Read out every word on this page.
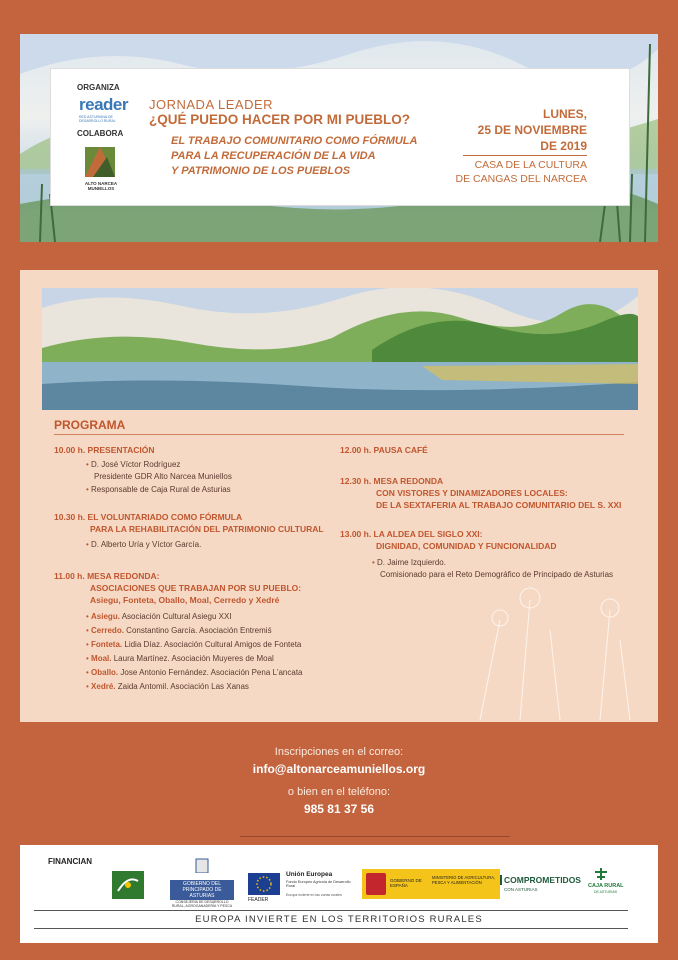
ORGANIZA
reader
RED ASTURIANA DE DESARROLLO RURAL
COLABORA
ALTO NARCEA MUNIELLOS
JORNADA LEADER
¿QUÉ PUEDO HACER POR MI PUEBLO?
EL TRABAJO COMUNITARIO COMO FÓRMULA
PARA LA RECUPERACIÓN DE LA VIDA
Y PATRIMONIO DE LOS PUEBLOS
LUNES,
25 DE NOVIEMBRE
DE 2019
CASA DE LA CULTURA
DE CANGAS DEL NARCEA
PROGRAMA
10.00 h. PRESENTACIÓN
• D. José Víctor Rodríguez
Presidente GDR Alto Narcea Muniellos
• Responsable de Caja Rural de Asturias
10.30 h. EL VOLUNTARIADO COMO FÓRMULA
PARA LA REHABILITACIÓN DEL PATRIMONIO CULTURAL
• D. Alberto Uría y Víctor García.
11.00 h. MESA REDONDA:
ASOCIACIONES QUE TRABAJAN POR SU PUEBLO:
Asiegu, Fonteta, Oballo, Moal, Cerredo y Xedré
• Asiegu. Asociación Cultural Asiegu XXI
• Cerredo. Constantino García. Asociación Entremiś
• Fonteta. Lidia Díaz. Asociación Cultural Amigos de Fonteta
• Moal. Laura Martínez. Asociación Muyeres de Moal
• Oballo. Jose Antonio Fernández. Asociación Pena L'ancata
• Xedré. Zaida Antomil. Asociación Las Xanas
12.00 h. PAUSA CAFÉ
12.30 h. MESA REDONDA
CON VISTORES Y DINAMIZADORES LOCALES:
DE LA SEXTAFERIA AL TRABAJO COMUNITARIO DEL S. XXI
13.00 h. LA ALDEA DEL SIGLO XXI:
DIGNIDAD, COMUNIDAD Y FUNCIONALIDAD
• D. Jaime Izquierdo.
Comisionado para el Reto Demográfico de Principado de Asturias
Inscripciones en el correo:
info@altonarceamuniellos.org
o bien en el teléfono:
985 81 37 56
FINANCIAN
GOBIERNO DEL PRINCIPADO DE ASTURIAS
CONSEJERÍA DE DESARROLLO RURAL, AGROGANADERÍA Y PESCA
FEADER
Unión Europea
Fondo Europeo Agrícola de Desarrollo Rural
Europa invierte en las zonas rurales
GOBIERNO DE ESPAÑA
MINISTERIO DE AGRICULTURA, PESCA Y ALIMENTACIÓN	COMPROMETIDOS
CON ASTURIAS
CAJA RURAL
DE ASTURIAS
EUROPA INVIERTE EN LOS TERRITORIOS RURALES
